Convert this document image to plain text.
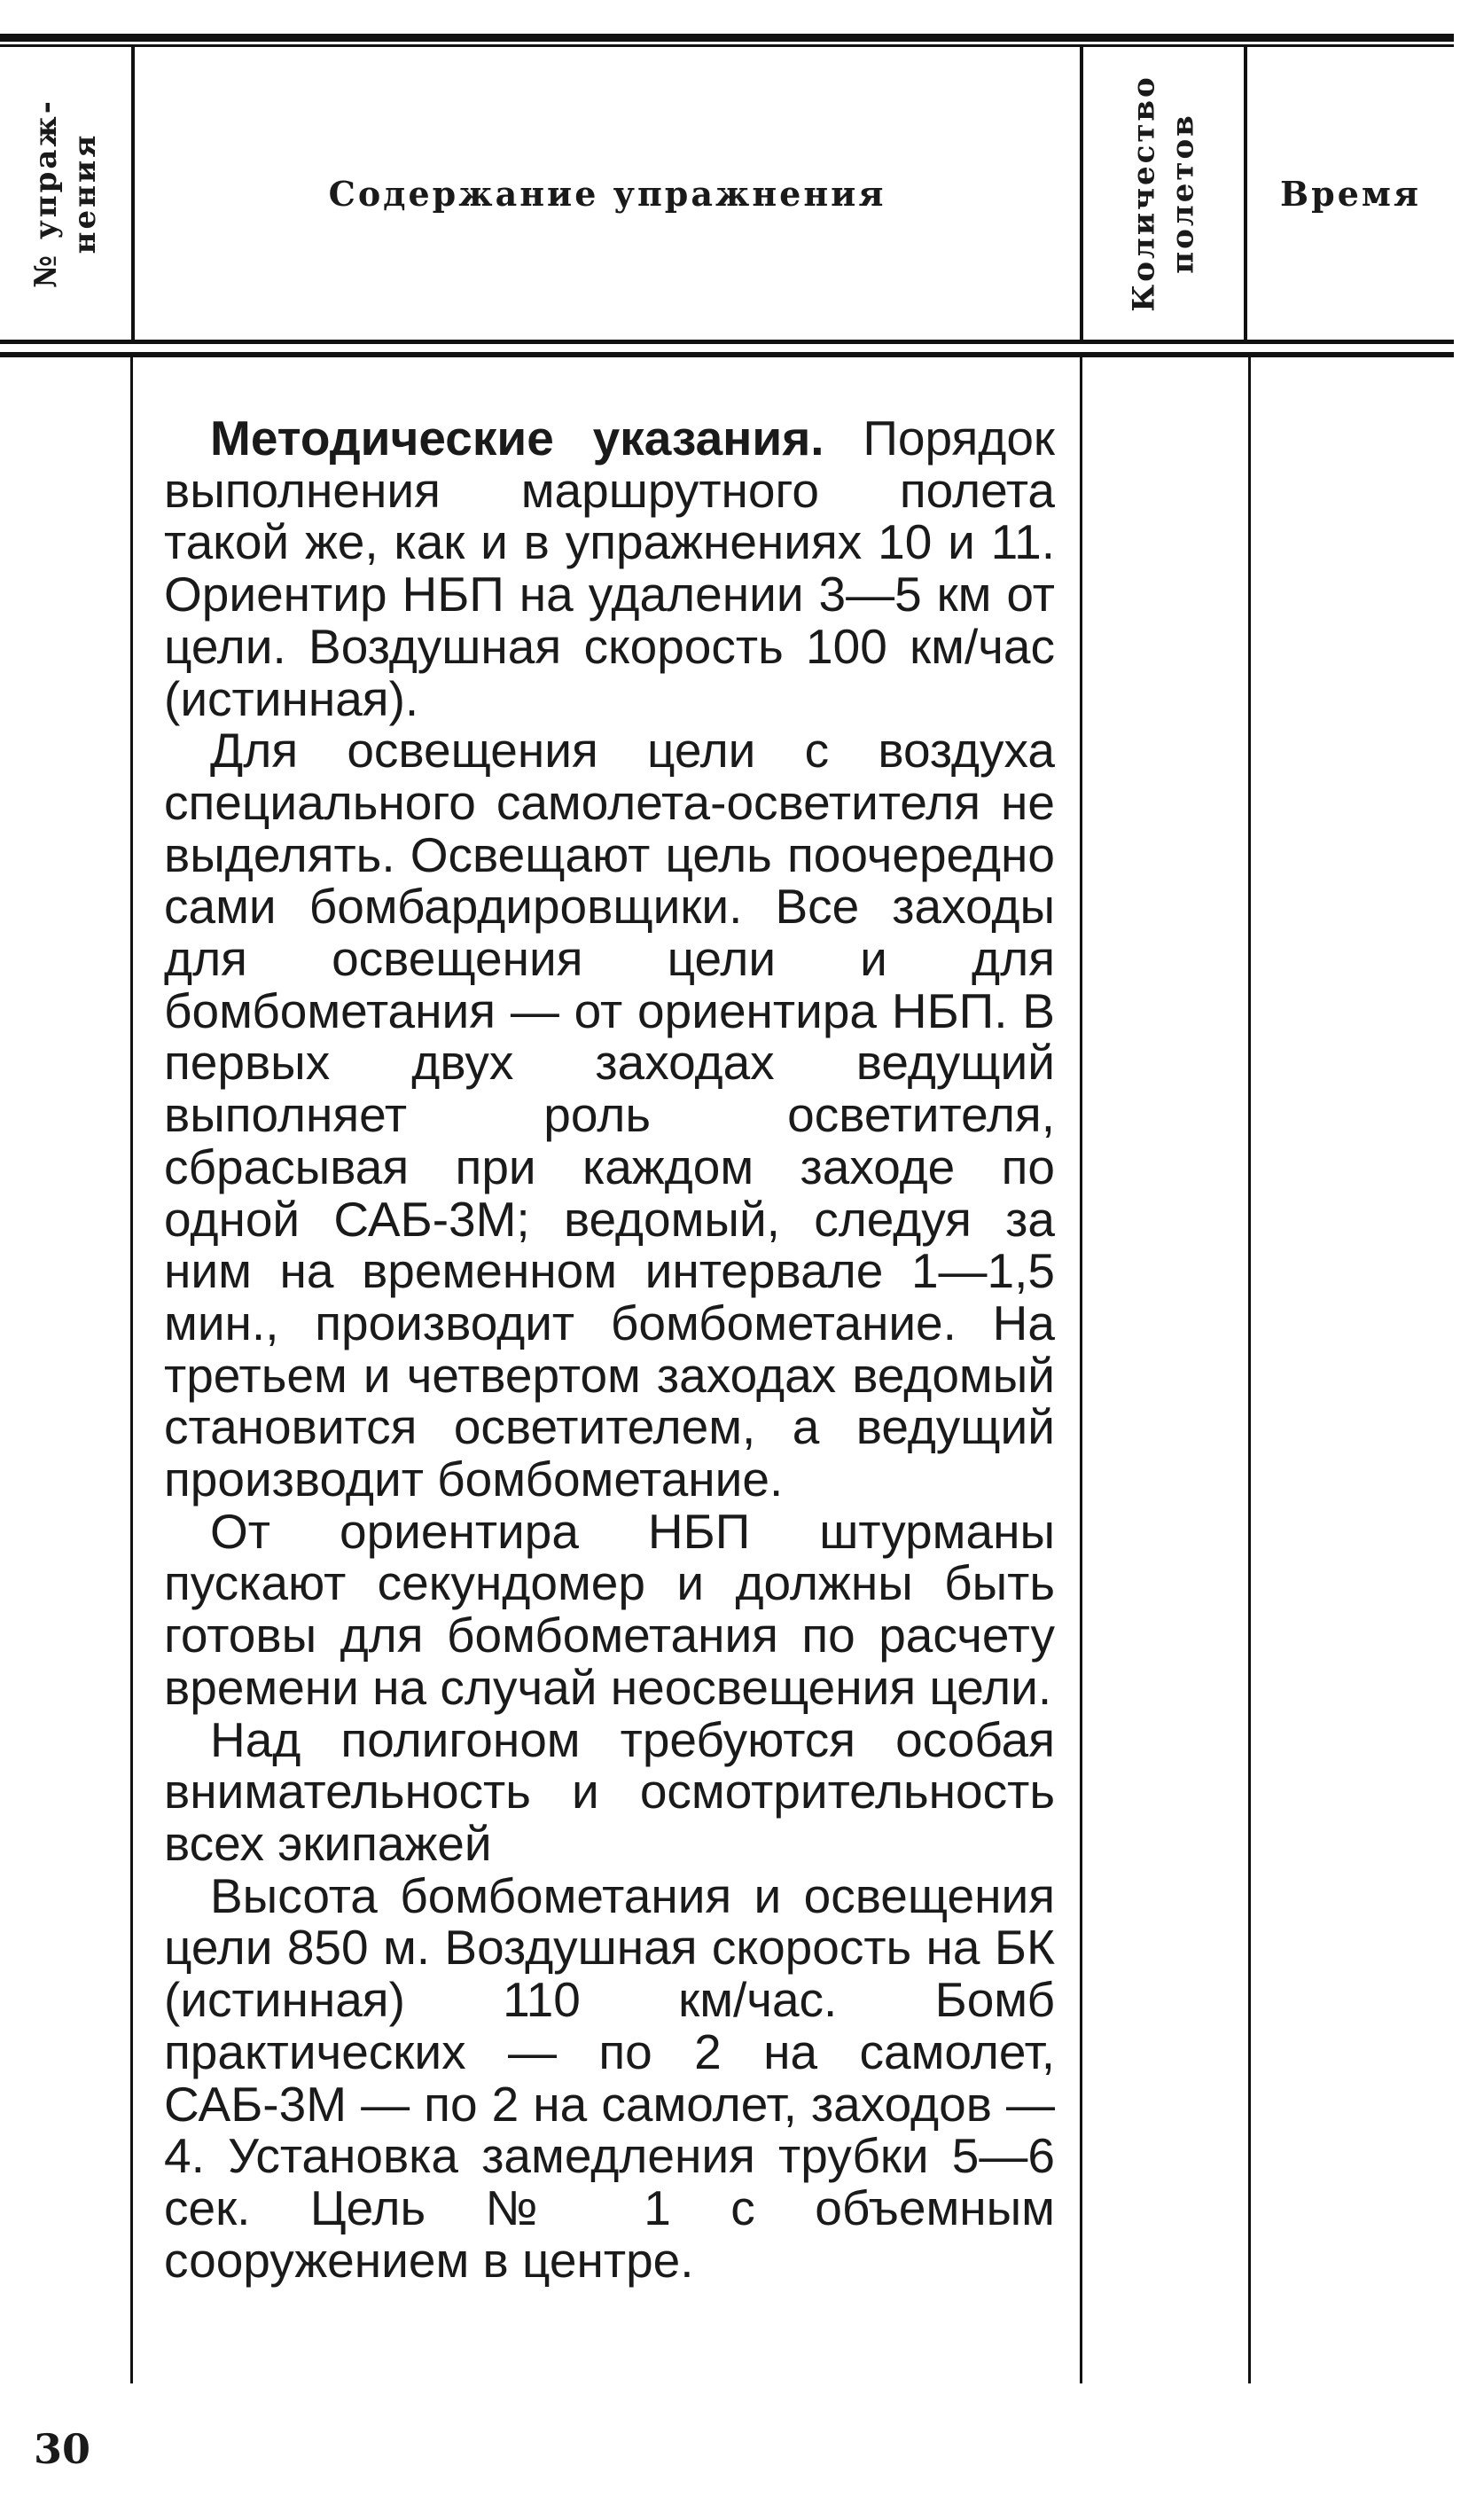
№ упраж-
нения	Содержание упражнения	Количество
полетов Время

Методические указания. Порядок выполнения маршрутного полета такой же, как и в упражнениях 10 и 11. Ориентир НБП на удалении 3—5 км от цели. Воздушная скорость 100 км/час (истинная).

Для освещения цели с воздуха специального самолета-осветителя не выделять. Освещают цель поочередно сами бомбардировщики. Все заходы для освещения цели и для бомбометания — от ориентира НБП. В первых двух заходах ведущий выполняет роль осветителя, сбрасывая при каждом заходе по одной САБ-3М; ведомый, следуя за ним на временном интервале 1—1,5 мин., производит бомбометание. На третьем и четвертом заходах ведомый становится осветителем, а ведущий производит бомбометание.

От ориентира НБП штурманы пускают секундомер и должны быть готовы для бомбометания по расчету времени на случай неосвещения цели.

Над полигоном требуются особая внимательность и осмотрительность всех экипажей

Высота бомбометания и освещения цели 850 м. Воздушная скорость на БК (истинная) 110 км/час. Бомб практических — по 2 на самолет, САБ-3М — по 2 на самолет, заходов — 4. Установка замедления трубки 5—6 сек. Цель № 1 с объемным сооружением в центре.

30
